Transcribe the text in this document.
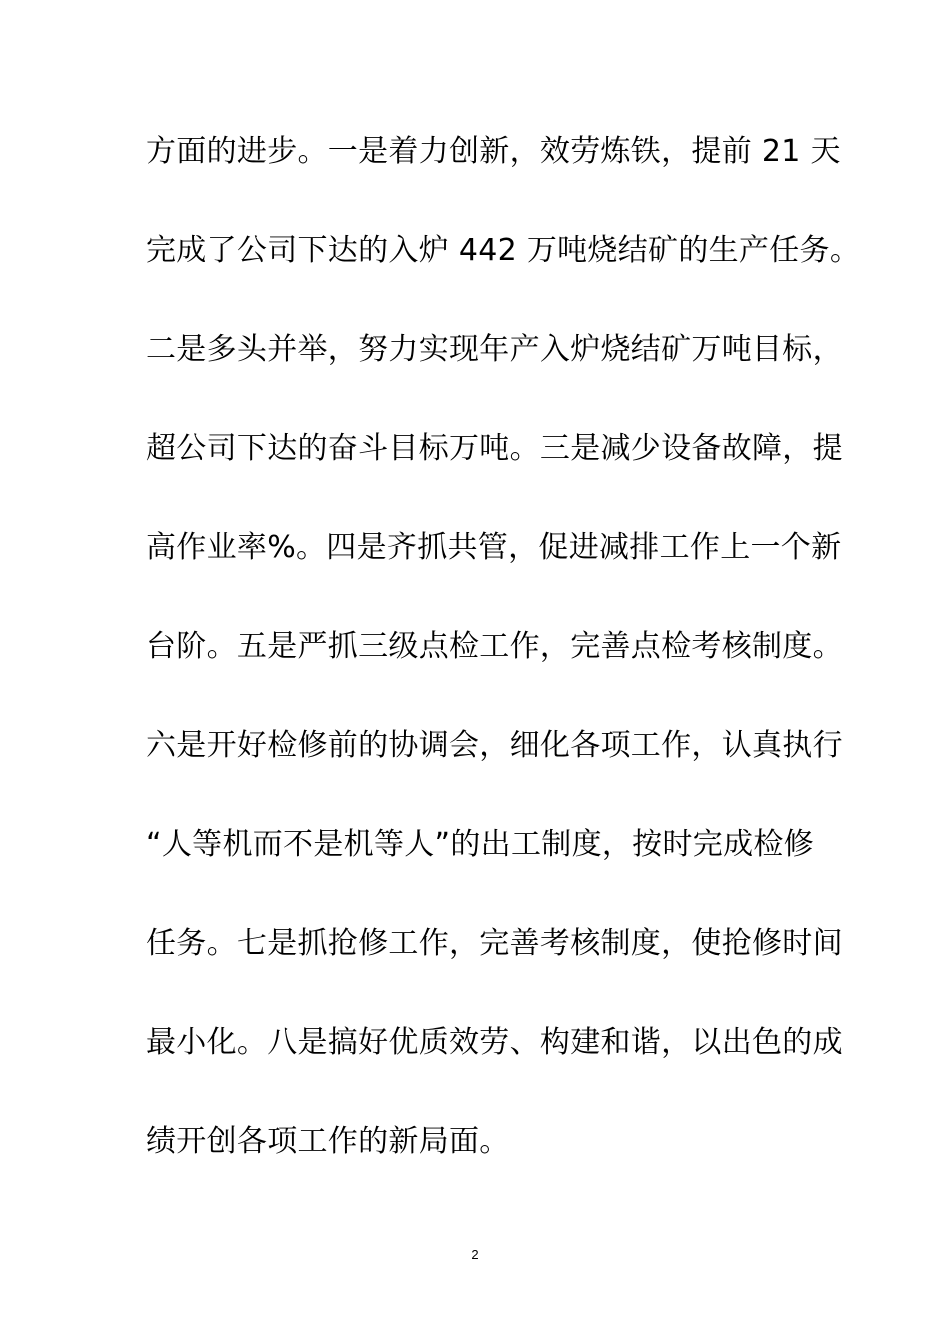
方面的进步。一是着力创新，效劳炼铁，提前 21 天
完成了公司下达的入炉 442 万吨烧结矿的生产任务。
二是多头并举，努力实现年产入炉烧结矿万吨目标，
超公司下达的奋斗目标万吨。三是减少设备故障，提
高作业率%。四是齐抓共管，促进减排工作上一个新
台阶。五是严抓三级点检工作，完善点检考核制度。
六是开好检修前的协调会，细化各项工作，认真执行
“人等机而不是机等人”的出工制度，按时完成检修
任务。七是抓抢修工作，完善考核制度，使抢修时间
最小化。八是搞好优质效劳、构建和谐，以出色的成
绩开创各项工作的新局面。
2
